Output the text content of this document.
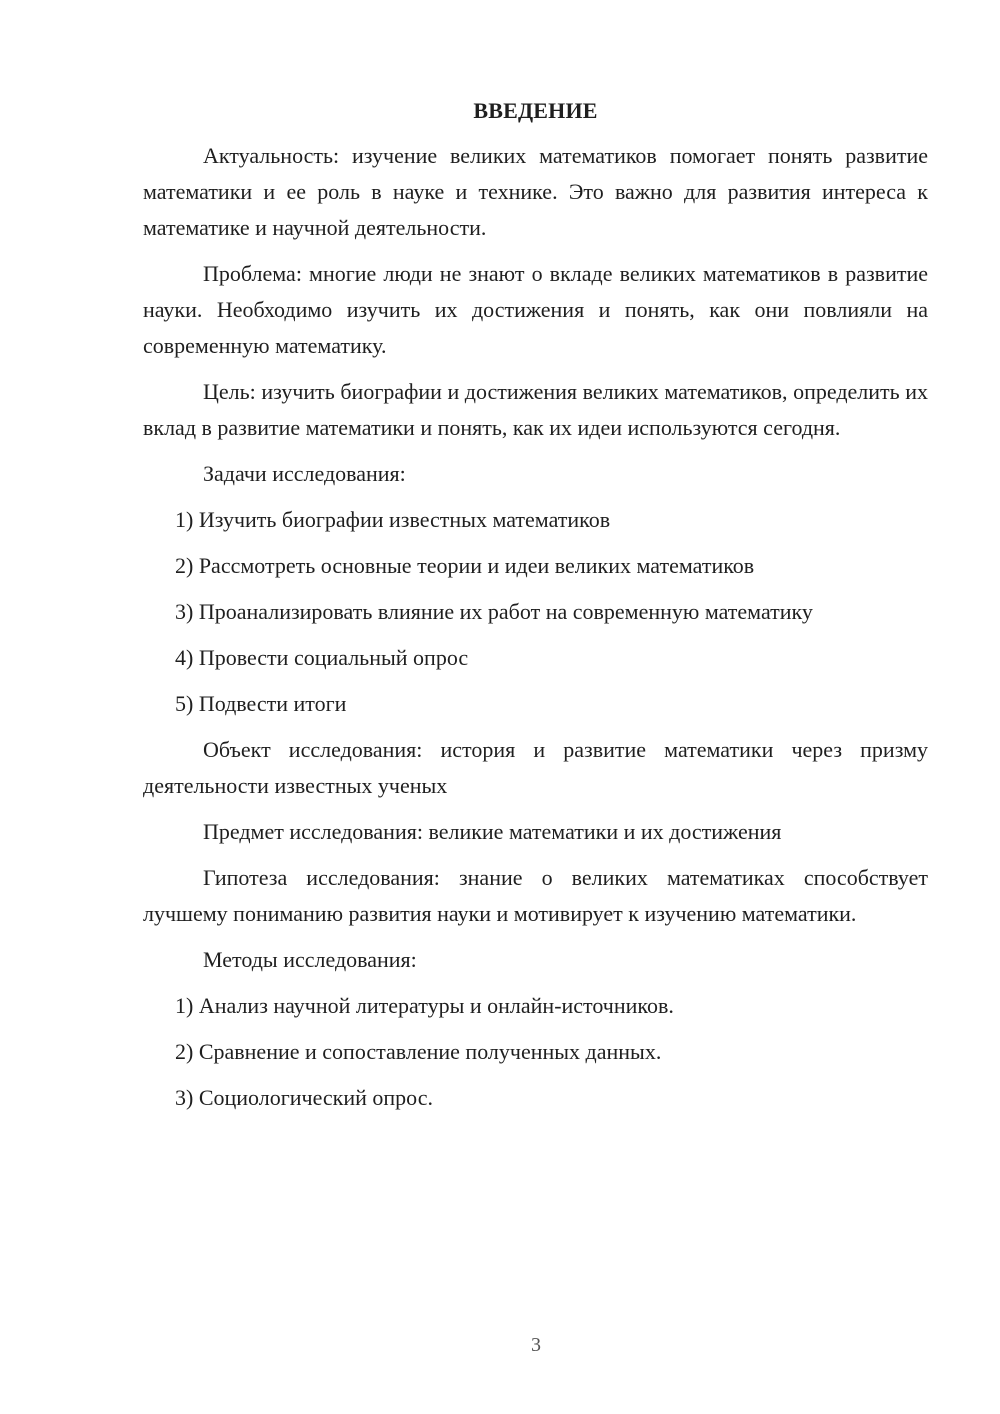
ВВЕДЕНИЕ

Актуальность: изучение великих математиков помогает понять развитие математики и ее роль в науке и технике. Это важно для развития интереса к математике и научной деятельности.

Проблема: многие люди не знают о вкладе великих математиков в развитие науки. Необходимо изучить их достижения и понять, как они повлияли на современную математику.

Цель: изучить биографии и достижения великих математиков, определить их вклад в развитие математики и понять, как их идеи используются сегодня.

Задачи исследования:

1) Изучить биографии известных математиков

2) Рассмотреть основные теории и идеи великих математиков

3) Проанализировать влияние их работ на современную математику

4) Провести социальный опрос

5) Подвести итоги

Объект исследования: история и развитие математики через призму деятельности известных ученых

Предмет исследования: великие математики и их достижения

Гипотеза исследования: знание о великих математиках способствует лучшему пониманию развития науки и мотивирует к изучению математики.

Методы исследования:

1) Анализ научной литературы и онлайн-источников.

2) Сравнение и сопоставление полученных данных.

3) Социологический опрос.

3
